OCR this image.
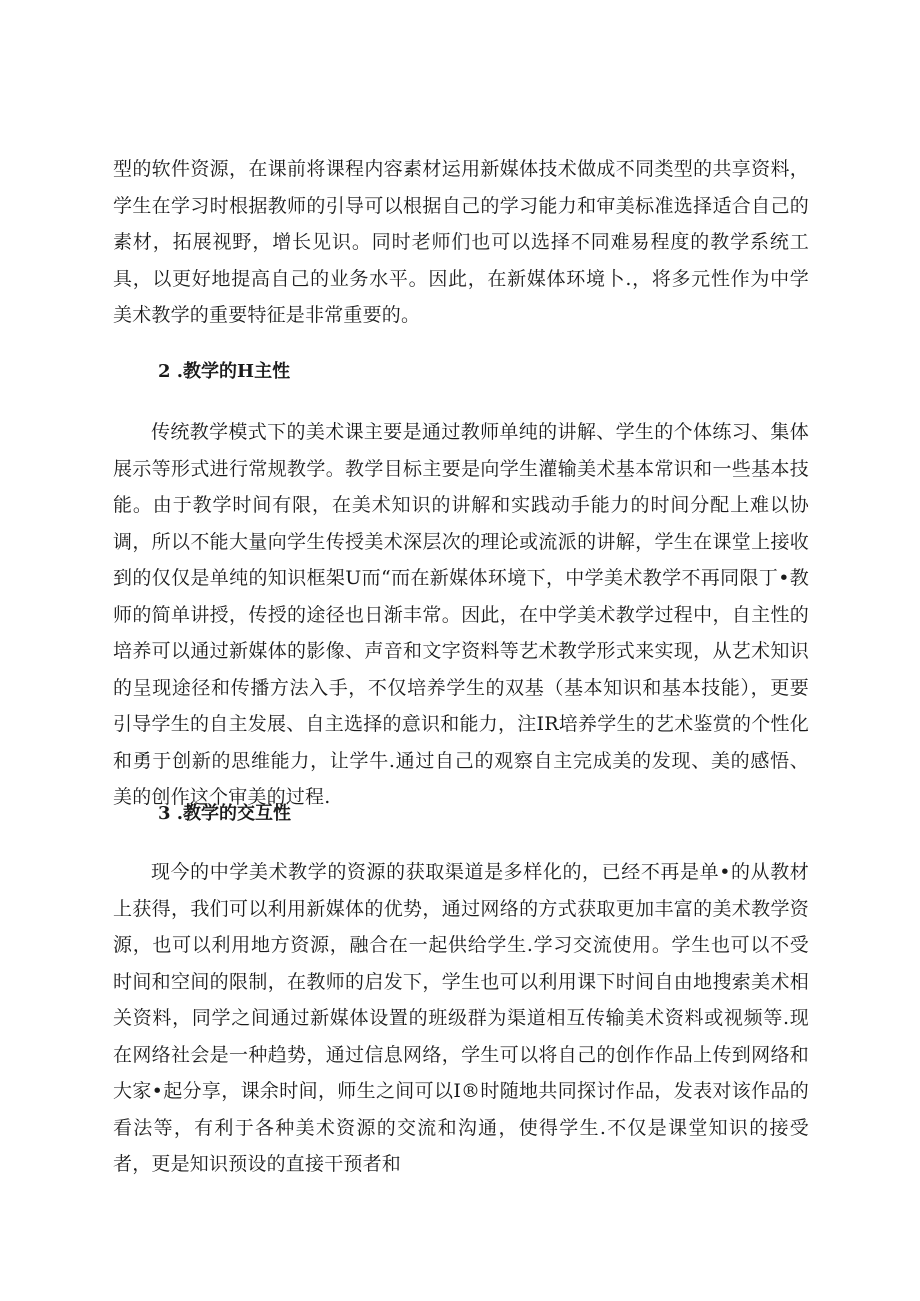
型的软件资源，在课前将课程内容素材运用新媒体技术做成不同类型的共享资料，学生在学习时根据教师的引导可以根据自己的学习能力和审美标准选择适合自己的素材，拓展视野，增长见识。同时老师们也可以选择不同难易程度的教学系统工具，以更好地提高自己的业务水平。因此，在新媒体环境卜.，将多元性作为中学美术教学的重要特征是非常重要的。

2 .教学的H主性

传统教学模式下的美术课主要是通过教师单纯的讲解、学生的个体练习、集体展示等形式进行常规教学。教学目标主要是向学生灌输美术基本常识和一些基本技能。由于教学时间有限，在美术知识的讲解和实践动手能力的时间分配上难以协调，所以不能大量向学生传授美术深层次的理论或流派的讲解，学生在课堂上接收到的仅仅是单纯的知识框架U而“而在新媒体环境下，中学美术教学不再同限丁•教师的简单讲授，传授的途径也日渐丰常。因此，在中学美术教学过程中，自主性的培养可以通过新媒体的影像、声音和文字资料等艺术教学形式来实现，从艺术知识的呈现途径和传播方法入手，不仅培养学生的双基（基本知识和基本技能），更要引导学生的自主发展、自主选择的意识和能力，注IR培养学生的艺术鉴赏的个性化和勇于创新的思维能力，让学牛.通过自己的观察自主完成美的发现、美的感悟、美的创作这个审美的过程.

3 .教学的交互性

现今的中学美术教学的资源的获取渠道是多样化的，已经不再是单•的从教材上获得，我们可以利用新媒体的优势，通过网络的方式获取更加丰富的美术教学资源，也可以利用地方资源，融合在一起供给学生.学习交流使用。学生也可以不受时间和空间的限制，在教师的启发下，学生也可以利用课下时间自由地搜索美术相关资料，同学之间通过新媒体设置的班级群为渠道相互传输美术资料或视频等.现在网络社会是一种趋势，通过信息网络，学生可以将自己的创作作品上传到网络和大家•起分享，课余时间，师生之间可以I®时随地共同探讨作品，发表对该作品的看法等，有利于各种美术资源的交流和沟通，使得学生.不仅是课堂知识的接受者，更是知识预设的直接干预者和
